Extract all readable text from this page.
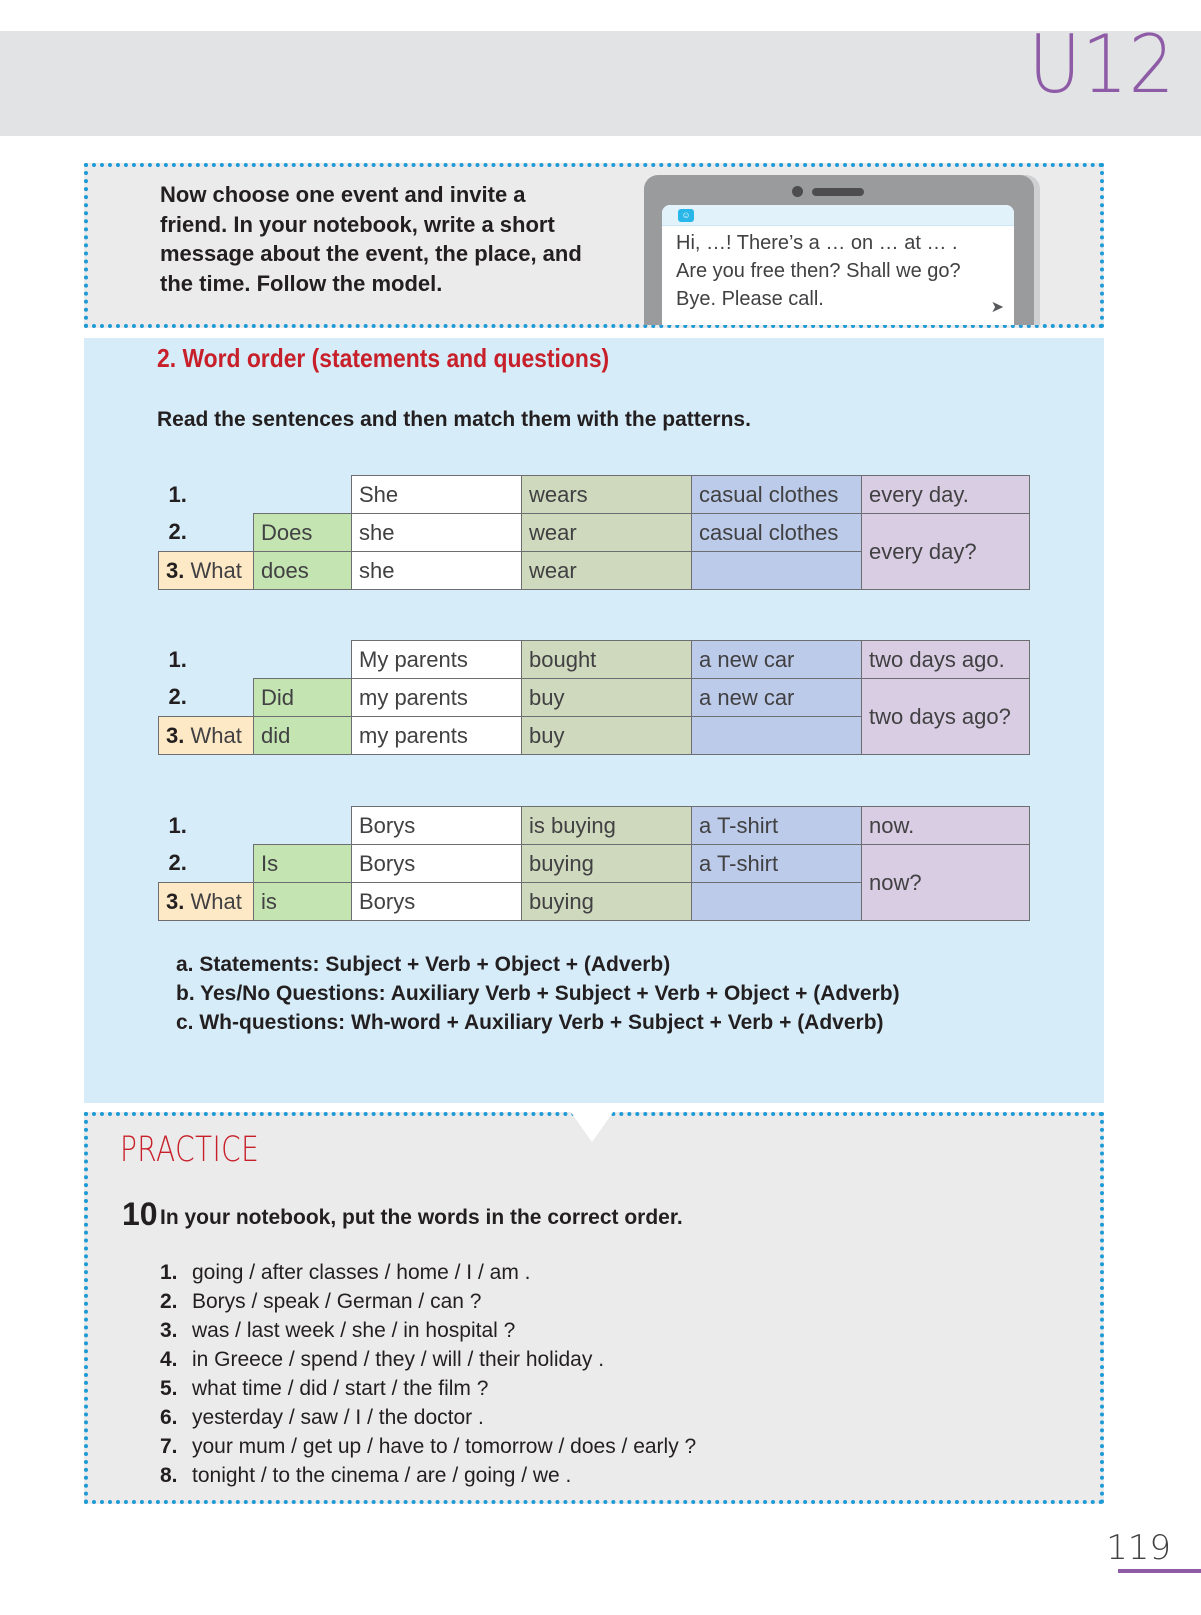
U12
Now choose one event and invite a friend. In your notebook, write a short message about the event, the place, and the time. Follow the model.
☺
Hi, …! There’s a … on … at … .
Are you free then? Shall we go?
Bye. Please call.	➤
2. Word order (statements and questions)
Read the sentences and then match them with the patterns.
1.		She	wears	casual clothes	every day.
2.	Does	she	wear	casual clothes	every day?
3. What	does	she	wear		
1.		My parents	bought	a new car	two days ago.
2.	Did	my parents	buy	a new car	two days ago?
3. What	did	my parents	buy		
1.		Borys	is buying	a T-shirt	now.
2.	Is	Borys	buying	a T-shirt	now?
3. What	is	Borys	buying		
a. Statements: Subject + Verb + Object + (Adverb)
b. Yes/No Questions: Auxiliary Verb + Subject + Verb + Object + (Adverb)
c. Wh-questions: Wh-word + Auxiliary Verb + Subject + Verb + (Adverb)
PRACTICE
10 In your notebook, put the words in the correct order.
1. going / after classes / home / I / am .
2. Borys / speak / German / can ?
3. was / last week / she / in hospital ?
4. in Greece / spend / they / will / their holiday .
5. what time / did / start / the film ?
6. yesterday / saw / I / the doctor .
7. your mum / get up / have to / tomorrow / does / early ?
8. tonight / to the cinema / are / going / we .
119
